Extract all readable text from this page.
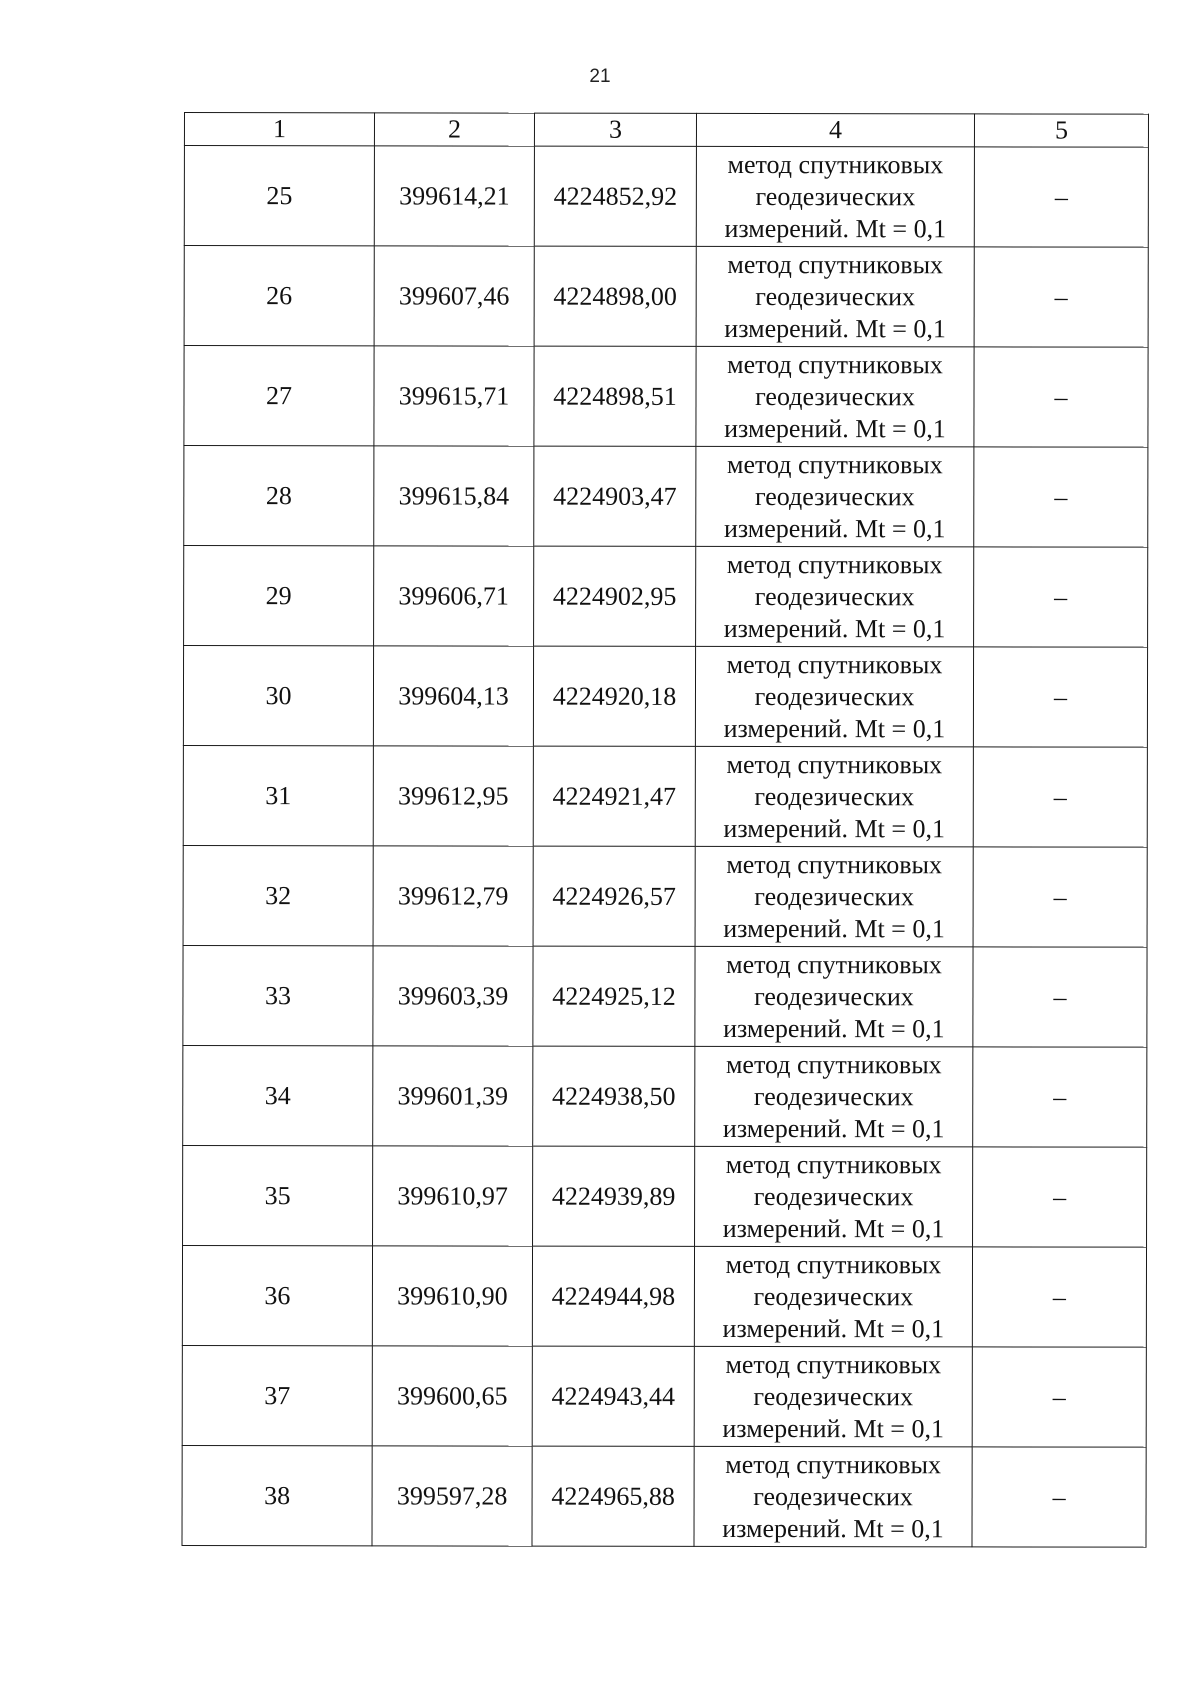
21
1	2	3	4	5
25	399614,21	4224852,92	метод спутниковых
геодезических
измерений. Mt = 0,1	–
26	399607,46	4224898,00	метод спутниковых
геодезических
измерений. Mt = 0,1	–
27	399615,71	4224898,51	метод спутниковых
геодезических
измерений. Mt = 0,1	–
28	399615,84	4224903,47	метод спутниковых
геодезических
измерений. Mt = 0,1	–
29	399606,71	4224902,95	метод спутниковых
геодезических
измерений. Mt = 0,1	–
30	399604,13	4224920,18	метод спутниковых
геодезических
измерений. Mt = 0,1	–
31	399612,95	4224921,47	метод спутниковых
геодезических
измерений. Mt = 0,1	–
32	399612,79	4224926,57	метод спутниковых
геодезических
измерений. Mt = 0,1	–
33	399603,39	4224925,12	метод спутниковых
геодезических
измерений. Mt = 0,1	–
34	399601,39	4224938,50	метод спутниковых
геодезических
измерений. Mt = 0,1	–
35	399610,97	4224939,89	метод спутниковых
геодезических
измерений. Mt = 0,1	–
36	399610,90	4224944,98	метод спутниковых
геодезических
измерений. Mt = 0,1	–
37	399600,65	4224943,44	метод спутниковых
геодезических
измерений. Mt = 0,1	–
38	399597,28	4224965,88	метод спутниковых
геодезических
измерений. Mt = 0,1	–
